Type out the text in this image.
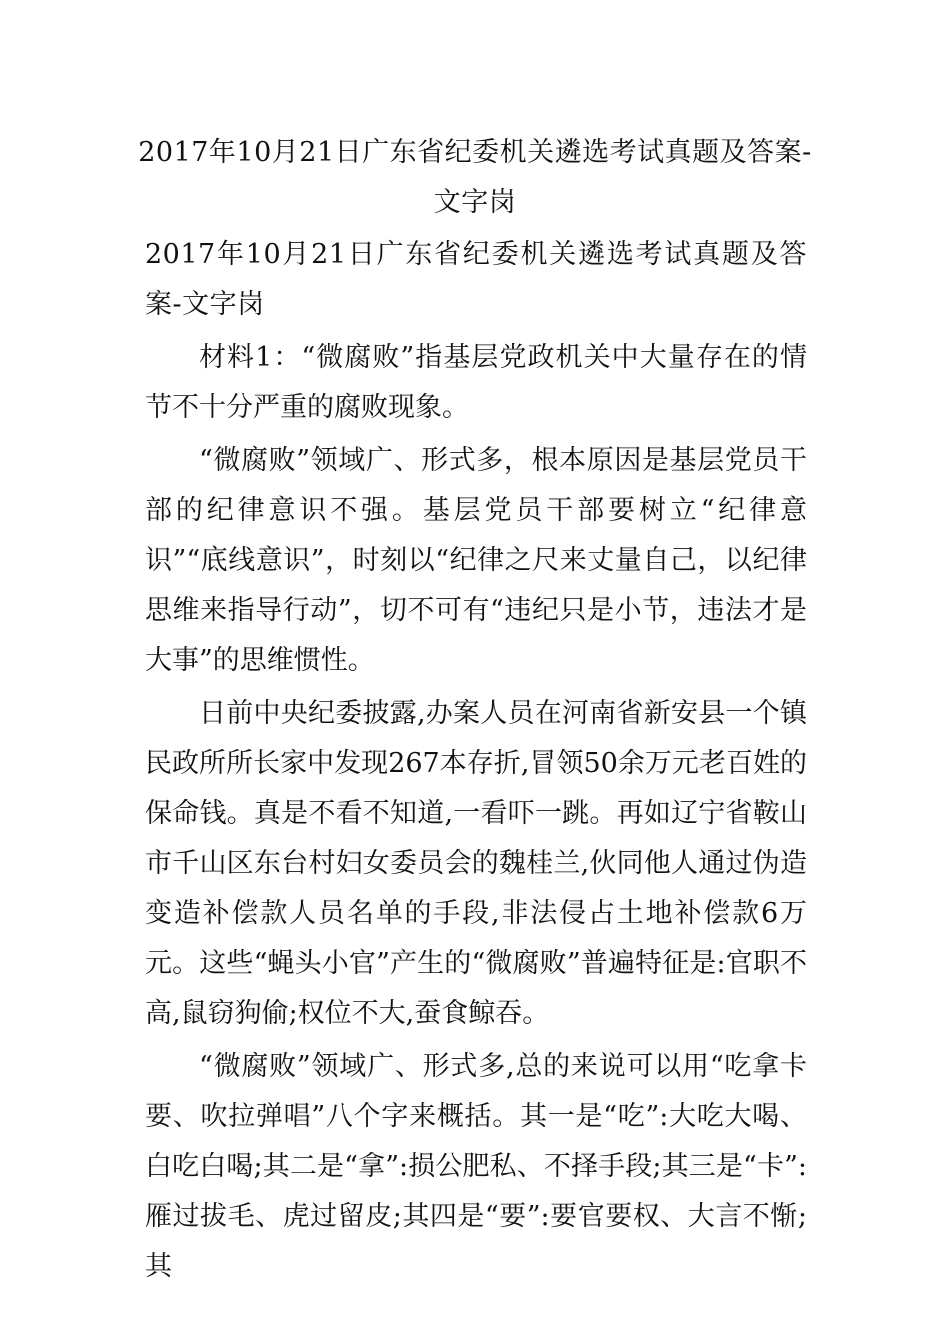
2017年10月21日广东省纪委机关遴选考试真题及答案-
文字岗
2017年10月21日广东省纪委机关遴选考试真题及答案-文字岗

材料1：“微腐败”指基层党政机关中大量存在的情节不十分严重的腐败现象。

“微腐败”领域广、形式多，根本原因是基层党员干部的纪律意识不强。基层党员干部要树立“纪律意识”“底线意识”，时刻以“纪律之尺来丈量自己，以纪律思维来指导行动”，切不可有“违纪只是小节，违法才是大事”的思维惯性。

日前中央纪委披露,办案人员在河南省新安县一个镇民政所所长家中发现267本存折,冒领50余万元老百姓的保命钱。真是不看不知道,一看吓一跳。再如辽宁省鞍山市千山区东台村妇女委员会的魏桂兰,伙同他人通过伪造变造补偿款人员名单的手段,非法侵占土地补偿款6万元。这些“蝇头小官”产生的“微腐败”普遍特征是:官职不高,鼠窃狗偷;权位不大,蚕食鲸吞。

“微腐败”领域广、形式多,总的来说可以用“吃拿卡要、吹拉弹唱”八个字来概括。其一是“吃”:大吃大喝、白吃白喝;其二是“拿”:损公肥私、不择手段;其三是“卡”:雁过拔毛、虎过留皮;其四是“要”:要官要权、大言不惭;其
